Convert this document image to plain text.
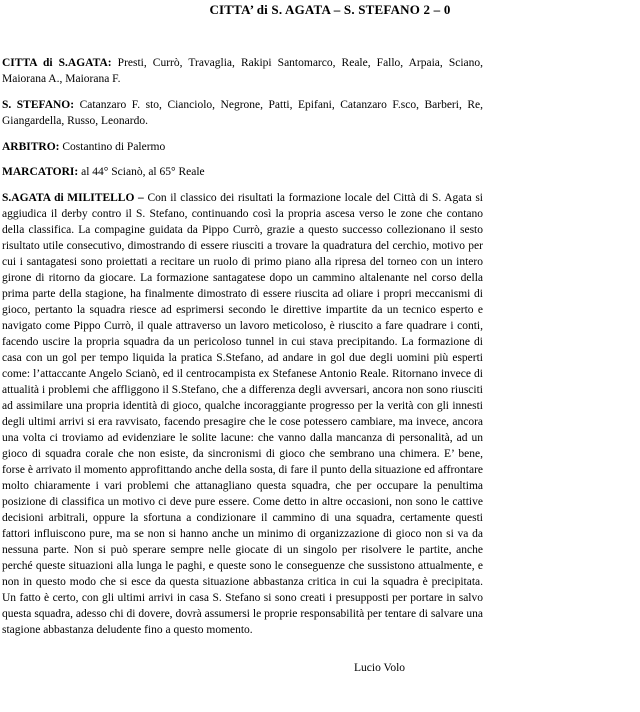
CITTA’ di S. AGATA – S. STEFANO 2 – 0
CITTA di S.AGATA: Presti, Currò, Travaglia, Rakipi Santomarco, Reale, Fallo, Arpaia, Sciano, Maiorana A., Maiorana F.
S. STEFANO: Catanzaro F. sto, Cianciolo, Negrone, Patti, Epifani, Catanzaro F.sco, Barberi, Re, Giangardella, Russo, Leonardo.
ARBITRO: Costantino di Palermo
MARCATORI: al 44° Scianò, al 65° Reale
S.AGATA di MILITELLO – Con il classico dei risultati la formazione locale del Città di S. Agata si aggiudica il derby contro il S. Stefano, continuando così la propria ascesa verso le zone che contano della classifica. La compagine guidata da Pippo Currò, grazie a questo successo collezionano il sesto risultato utile consecutivo, dimostrando di essere riusciti a trovare la quadratura del cerchio, motivo per cui i santagatesi sono proiettati a recitare un ruolo di primo piano alla ripresa del torneo con un intero girone di ritorno da giocare. La formazione santagatese dopo un cammino altalenante nel corso della prima parte della stagione, ha finalmente dimostrato di essere riuscita ad oliare i propri meccanismi di gioco, pertanto la squadra riesce ad esprimersi secondo le direttive impartite da un tecnico esperto e navigato come Pippo Currò, il quale attraverso un lavoro meticoloso, è riuscito a fare quadrare i conti, facendo uscire la propria squadra da un pericoloso tunnel in cui stava precipitando. La formazione di casa con un gol per tempo liquida la pratica S.Stefano, ad andare in gol due degli uomini più esperti come: l’attaccante Angelo Scianò, ed il centrocampista ex Stefanese Antonio Reale. Ritornano invece di attualità i problemi che affliggono il S.Stefano, che a differenza degli avversari, ancora non sono riusciti ad assimilare una propria identità di gioco, qualche incoraggiante progresso per la verità con gli innesti degli ultimi arrivi si era ravvisato, facendo presagire che le cose potessero cambiare, ma invece, ancora una volta ci troviamo ad evidenziare le solite lacune: che vanno dalla mancanza di personalità, ad un gioco di squadra corale che non esiste, da sincronismi di gioco che sembrano una chimera. E’ bene, forse è arrivato il momento approfittando anche della sosta, di fare il punto della situazione ed affrontare molto chiaramente i vari problemi che attanagliano questa squadra, che per occupare la penultima posizione di classifica un motivo ci deve pure essere. Come detto in altre occasioni, non sono le cattive decisioni arbitrali, oppure la sfortuna a condizionare il cammino di una squadra, certamente questi fattori influiscono pure, ma se non si hanno anche un minimo di organizzazione di gioco non si va da nessuna parte. Non si può sperare sempre nelle giocate di un singolo per risolvere le partite, anche perché queste situazioni alla lunga le paghi, e queste sono le conseguenze che sussistono attualmente, e non in questo modo che si esce da questa situazione abbastanza critica in cui la squadra è precipitata. Un fatto è certo, con gli ultimi arrivi in casa S. Stefano si sono creati i presupposti per portare in salvo questa squadra, adesso chi di dovere, dovrà assumersi le proprie responsabilità per tentare di salvare una stagione abbastanza deludente fino a questo momento.
Lucio Volo
